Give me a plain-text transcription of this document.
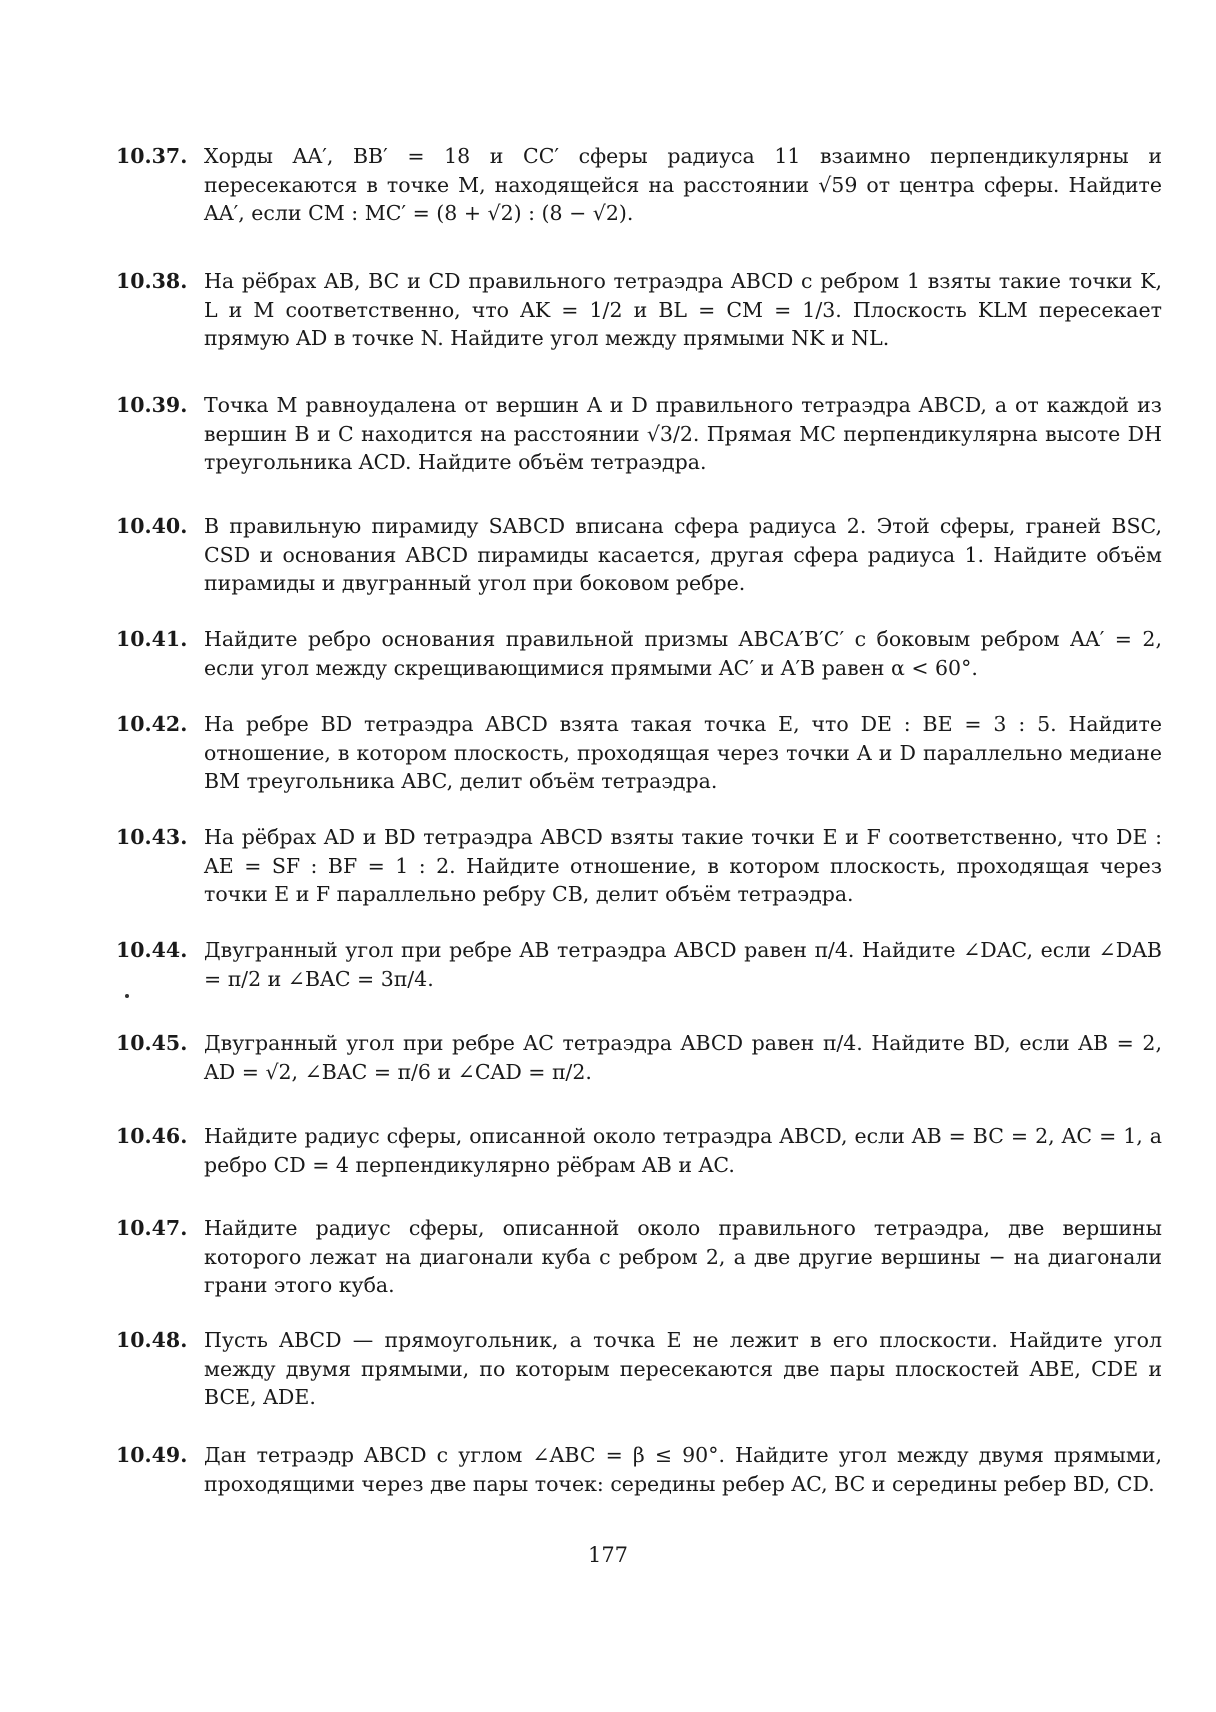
10.37. Хорды AA′, BB′ = 18 и CC′ сферы радиуса 11 взаимно перпендикулярны и пересекаются в точке M, находящейся на расстоянии √59 от центра сферы. Найдите AA′, если CM : MC′ = (8 + √2) : (8 − √2).
10.38. На рёбрах AB, BC и CD правильного тетраэдра ABCD с ребром 1 взяты такие точки K, L и M соответственно, что AK = 1/2 и BL = CM = 1/3. Плоскость KLM пересекает прямую AD в точке N. Найдите угол между прямыми NK и NL.
10.39. Точка M равноудалена от вершин A и D правильного тетраэдра ABCD, а от каждой из вершин B и C находится на расстоянии √3/2. Прямая MC перпендикулярна высоте DH треугольника ACD. Найдите объём тетраэдра.
10.40. В правильную пирамиду SABCD вписана сфера радиуса 2. Этой сферы, граней BSC, CSD и основания ABCD пирамиды касается, другая сфера радиуса 1. Найдите объём пирамиды и двугранный угол при боковом ребре.
10.41. Найдите ребро основания правильной призмы ABCA′B′C′ с боковым ребром AA′ = 2, если угол между скрещивающимися прямыми AC′ и A′B равен α < 60°.
10.42. На ребре BD тетраэдра ABCD взята такая точка E, что DE : BE = 3 : 5. Найдите отношение, в котором плоскость, проходящая через точки A и D параллельно медиане BM треугольника ABC, делит объём тетраэдра.
10.43. На рёбрах AD и BD тетраэдра ABCD взяты такие точки E и F соответственно, что DE : AE = SF : BF = 1 : 2. Найдите отношение, в котором плоскость, проходящая через точки E и F параллельно ребру CB, делит объём тетраэдра.
10.44. Двугранный угол при ребре AB тетраэдра ABCD равен π/4. Найдите ∠DAC, если ∠DAB = π/2 и ∠BAC = 3π/4.
10.45. Двугранный угол при ребре AC тетраэдра ABCD равен π/4. Найдите BD, если AB = 2, AD = √2, ∠BAC = π/6 и ∠CAD = π/2.
10.46. Найдите радиус сферы, описанной около тетраэдра ABCD, если AB = BC = 2, AC = 1, а ребро CD = 4 перпендикулярно рёбрам AB и AC.
10.47. Найдите радиус сферы, описанной около правильного тетраэдра, две вершины которого лежат на диагонали куба с ребром 2, а две другие вершины − на диагонали грани этого куба.
10.48. Пусть ABCD — прямоугольник, а точка E не лежит в его плоскости. Найдите угол между двумя прямыми, по которым пересекаются две пары плоскостей ABE, CDE и BCE, ADE.
10.49. Дан тетраэдр ABCD с углом ∠ABC = β ≤ 90°. Найдите угол между двумя прямыми, проходящими через две пары точек: середины ребер AC, BC и середины ребер BD, CD.
177
